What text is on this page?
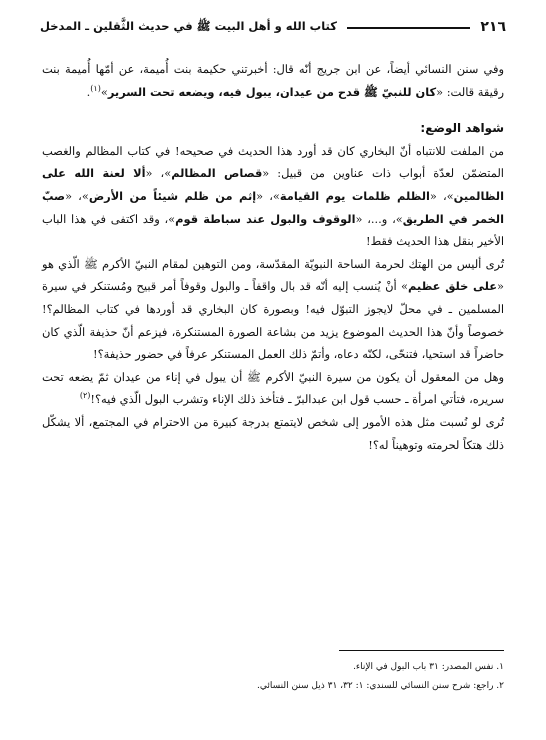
٢١٦
كتاب الله و أهل البيت ﷺ في حديث الثَّقلين ـ المدخل

وفي سنن النسائي أيضاً، عن ابن جريج أنّه قال: أخبرتني حكيمة بنت أُميمة، عن أمّها أُميمة بنت رقيقة قالت: «كان للنبيّ ﷺ قدح من عيدان، يبول فيه، ويضعه تحت السرير»$^{(١)}$.

شواهد الوضع:

من الملفت للانتباه أنّ البخاري كان قد أورد هذا الحديث في صحيحه! في كتاب المظالم والغصب المتضمّن لعدّة أبواب ذات عناوين من قبيل: «قصاص المظالم»، «ألا لعنة الله على الظالمين»، «الظلم ظلمات يوم القيامة»، «إثم من ظلم شيئاً من الأرض»، «صبّ الخمر في الطريق»، و...، «الوقوف والبول عند سباطة قوم»، وقد اكتفى في هذا الباب الأخير بنقل هذا الحديث فقط!

تُرى أليس من الهتك لحرمة الساحة النبويّة المقدّسة، ومن التوهين لمقام النبيّ الأكرم ﷺ الّذي هو «على خلق عظيم» أنْ يُنسب إليه أنّه قد بال واقفاً ـ والبول وقوفاً أمر قبيح ومُستنكر في سيرة المسلمين ـ في محلّ لايجوز التبوّل فيه! وبصورة كان البخاري قد أوردها في كتاب المظالم؟! خصوصاً وأنّ هذا الحديث الموضوع يزيد من بشاعة الصورة المستنكرة، فيزعم أنّ حذيفة الّذي كان حاضراً قد استحيا، فتنحّى، لكنّه دعاه، وأتمّ ذلك العمل المستنكر عرفاً في حضور حذيفة؟!

وهل من المعقول أن يكون من سيرة النبيّ الأكرم ﷺ أن يبول في إناء من عيدان ثمّ يضعه تحت سريره، فتأتي امرأة ـ حسب قول ابن عبدالبرّ ـ فتأخذ ذلك الإناء وتشرب البول الّذي فيه؟!$^{(٢)}$

تُرى لو نُسبت مثل هذه الأمور إلى شخص لايتمتع بدرجة كبيرة من الاحترام في المجتمع، ألا يشكّل ذلك هتكاً لحرمته وتوهيناً له؟!

١. نفس المصدر: ٣١ باب البول في الإناء.

٢. راجع: شرح سنن النسائي للسندي: ١: ٣٢، ٣١ ذيل سنن النسائي.
